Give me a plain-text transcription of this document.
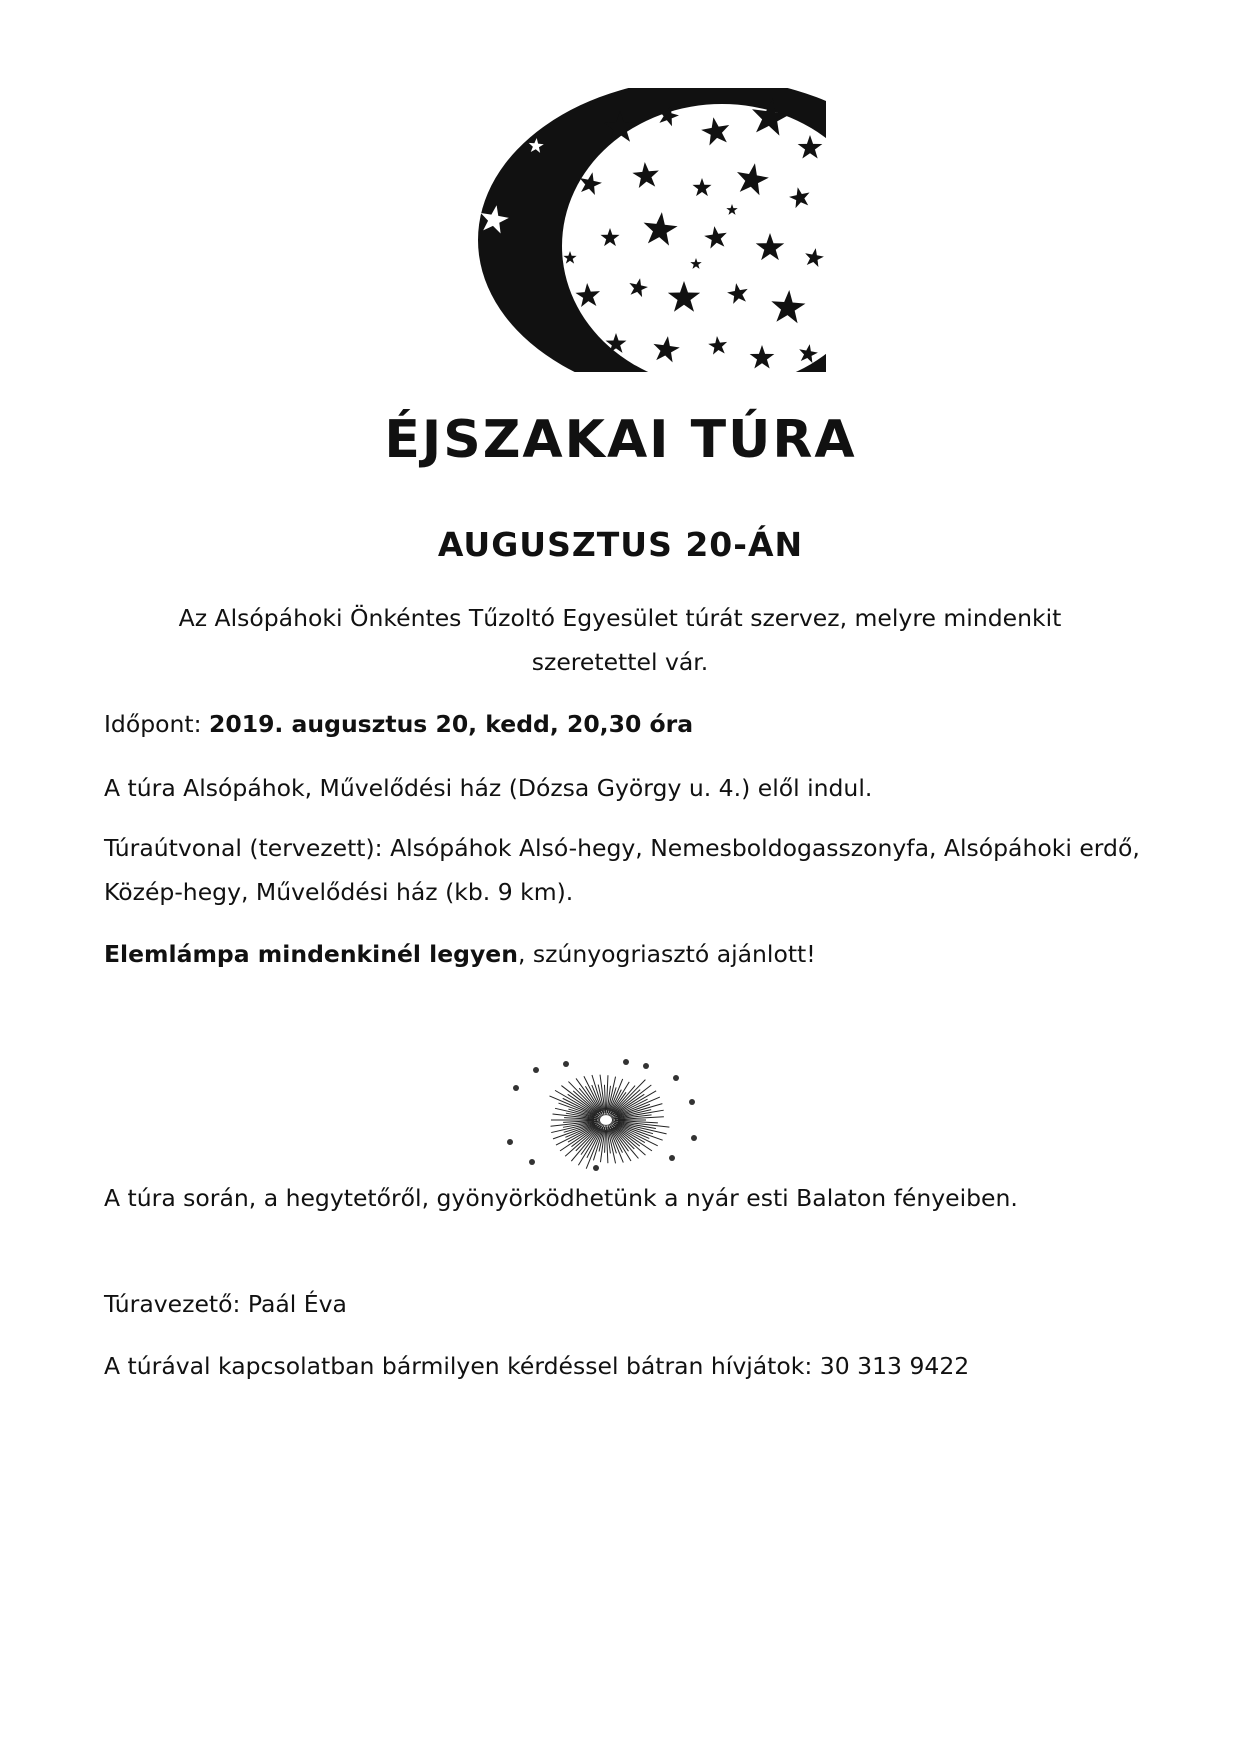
ÉJSZAKAI TÚRA
AUGUSZTUS 20-ÁN

Az Alsópáhoki Önkéntes Tűzoltó Egyesület túrát szervez, melyre mindenkit szeretettel vár.

Időpont: 2019. augusztus 20, kedd, 20,30 óra

A túra Alsópáhok, Művelődési ház (Dózsa György u. 4.) elől indul.

Túraútvonal (tervezett): Alsópáhok Alsó-hegy, Nemesboldogasszonyfa, Alsópáhoki erdő, Közép-hegy, Művelődési ház (kb. 9 km).

Elemlámpa mindenkinél legyen, szúnyogriasztó ajánlott!

A túra során, a hegytetőről, gyönyörködhetünk a nyár esti Balaton fényeiben.

Túravezető: Paál Éva

A túrával kapcsolatban bármilyen kérdéssel bátran hívjátok: 30 313 9422
